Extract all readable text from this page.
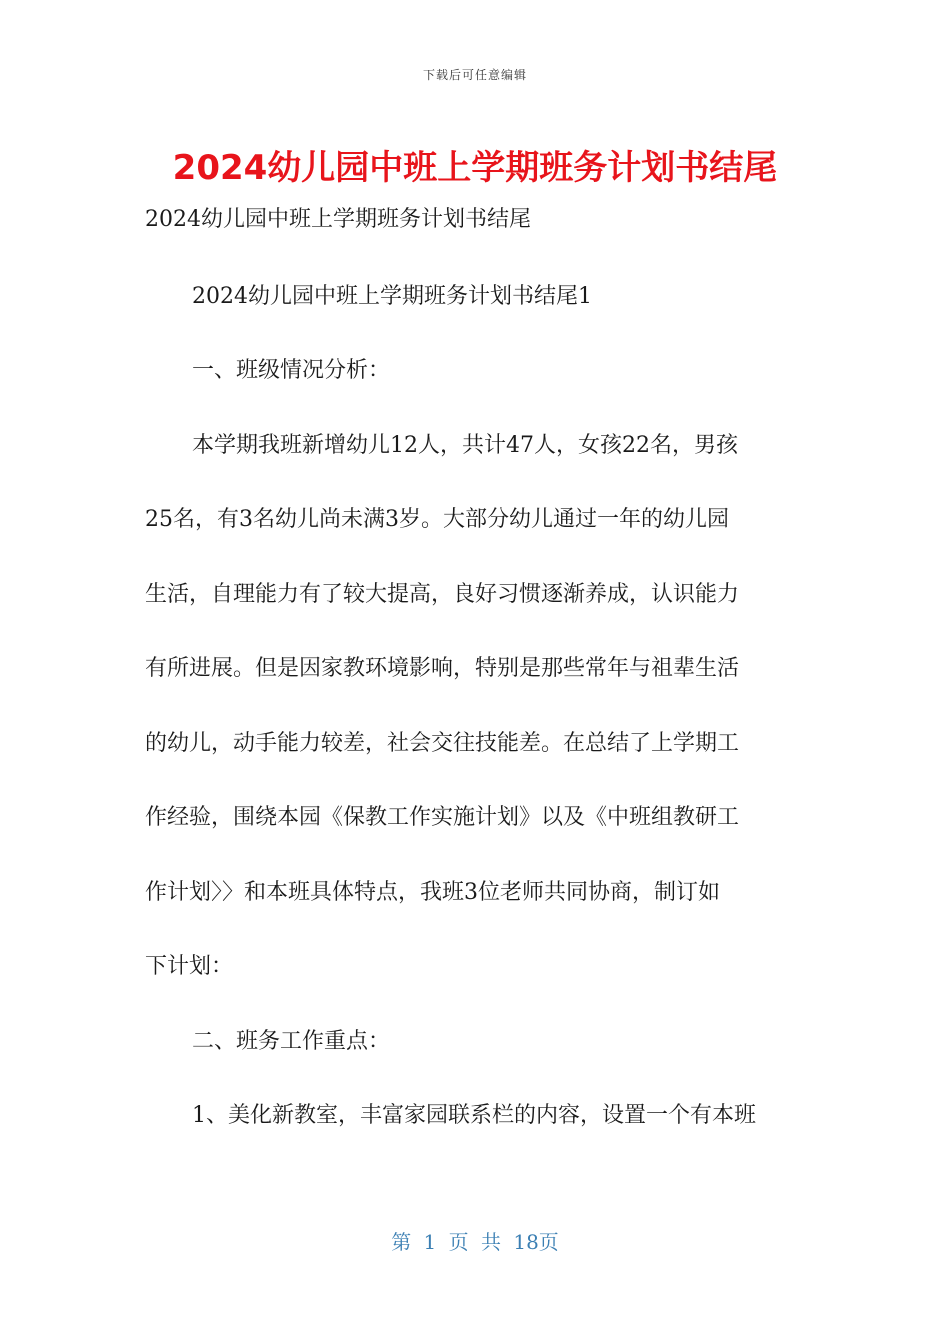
下载后可任意编辑
2024幼儿园中班上学期班务计划书结尾
2024幼儿园中班上学期班务计划书结尾
2024幼儿园中班上学期班务计划书结尾1
一、班级情况分析：
本学期我班新增幼儿12人，共计47人，女孩22名，男孩
25名，有3名幼儿尚未满3岁。大部分幼儿通过一年的幼儿园
生活，自理能力有了较大提高，良好习惯逐渐养成，认识能力
有所进展。但是因家教环境影响，特别是那些常年与祖辈生活
的幼儿，动手能力较差，社会交往技能差。在总结了上学期工
作经验，围绕本园《保教工作实施计划》以及《中班组教研工
作计划〉〉和本班具体特点，我班3位老师共同协商，制订如
下计划：
二、班务工作重点：
1、美化新教室，丰富家园联系栏的内容，设置一个有本班
第 1 页 共 18页
